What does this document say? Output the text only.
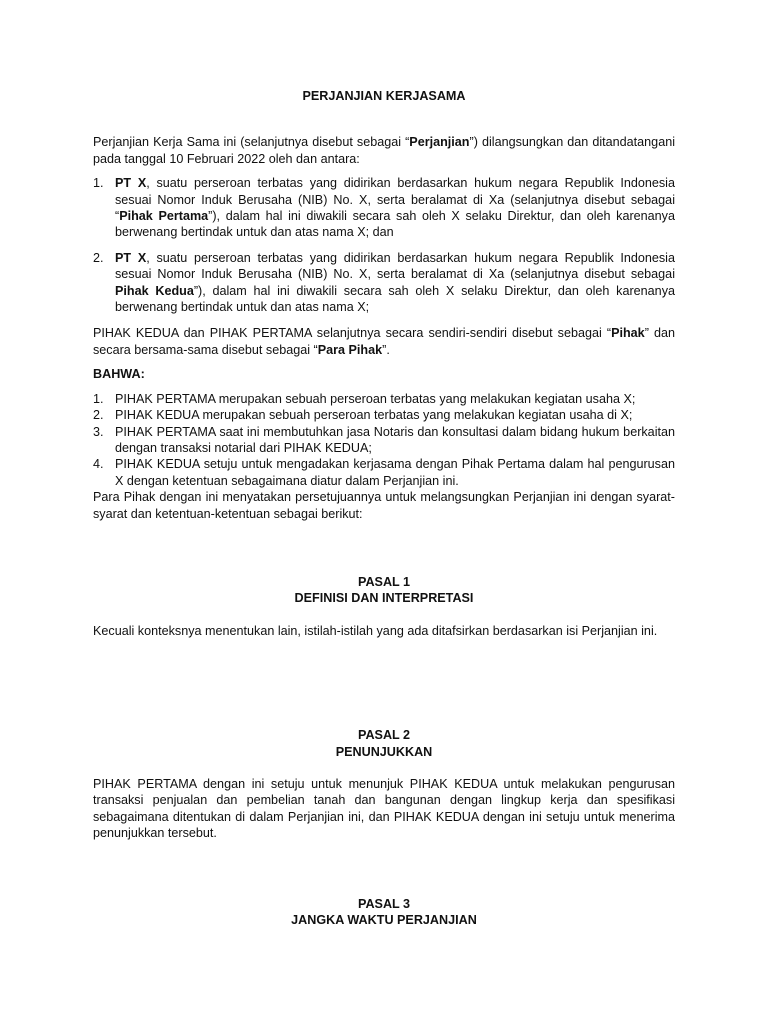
PERJANJIAN KERJASAMA

Perjanjian Kerja Sama ini (selanjutnya disebut sebagai “Perjanjian”) dilangsungkan dan ditandatangani pada tanggal 10 Februari 2022 oleh dan antara:

1. PT X, suatu perseroan terbatas yang didirikan berdasarkan hukum negara Republik Indonesia sesuai Nomor Induk Berusaha (NIB) No. X, serta beralamat di Xa (selanjutnya disebut sebagai “Pihak Pertama”), dalam hal ini diwakili secara sah oleh X selaku Direktur, dan oleh karenanya berwenang bertindak untuk dan atas nama X; dan
2. PT X, suatu perseroan terbatas yang didirikan berdasarkan hukum negara Republik Indonesia sesuai Nomor Induk Berusaha (NIB) No. X, serta beralamat di Xa (selanjutnya disebut sebagai Pihak Kedua”), dalam hal ini diwakili secara sah oleh X selaku Direktur, dan oleh karenanya berwenang bertindak untuk dan atas nama X;

PIHAK KEDUA dan PIHAK PERTAMA selanjutnya secara sendiri-sendiri disebut sebagai “Pihak” dan secara bersama-sama disebut sebagai “Para Pihak”.

BAHWA:
1. PIHAK PERTAMA merupakan sebuah perseroan terbatas yang melakukan kegiatan usaha X;
2. PIHAK KEDUA merupakan sebuah perseroan terbatas yang melakukan kegiatan usaha di X;
3. PIHAK PERTAMA saat ini membutuhkan jasa Notaris dan konsultasi dalam bidang hukum berkaitan dengan transaksi notarial dari PIHAK KEDUA;
4. PIHAK KEDUA setuju untuk mengadakan kerjasama dengan Pihak Pertama dalam hal pengurusan X dengan ketentuan sebagaimana diatur dalam Perjanjian ini.

Para Pihak dengan ini menyatakan persetujuannya untuk melangsungkan Perjanjian ini dengan syarat-syarat dan ketentuan-ketentuan sebagai berikut:

PASAL 1
DEFINISI DAN INTERPRETASI

Kecuali konteksnya menentukan lain, istilah-istilah yang ada ditafsirkan berdasarkan isi Perjanjian ini.

PASAL 2
PENUNJUKKAN

PIHAK PERTAMA dengan ini setuju untuk menunjuk PIHAK KEDUA untuk melakukan pengurusan transaksi penjualan dan pembelian tanah dan bangunan dengan lingkup kerja dan spesifikasi sebagaimana ditentukan di dalam Perjanjian ini, dan PIHAK KEDUA dengan ini setuju untuk menerima penunjukkan tersebut.

PASAL 3
JANGKA WAKTU PERJANJIAN
